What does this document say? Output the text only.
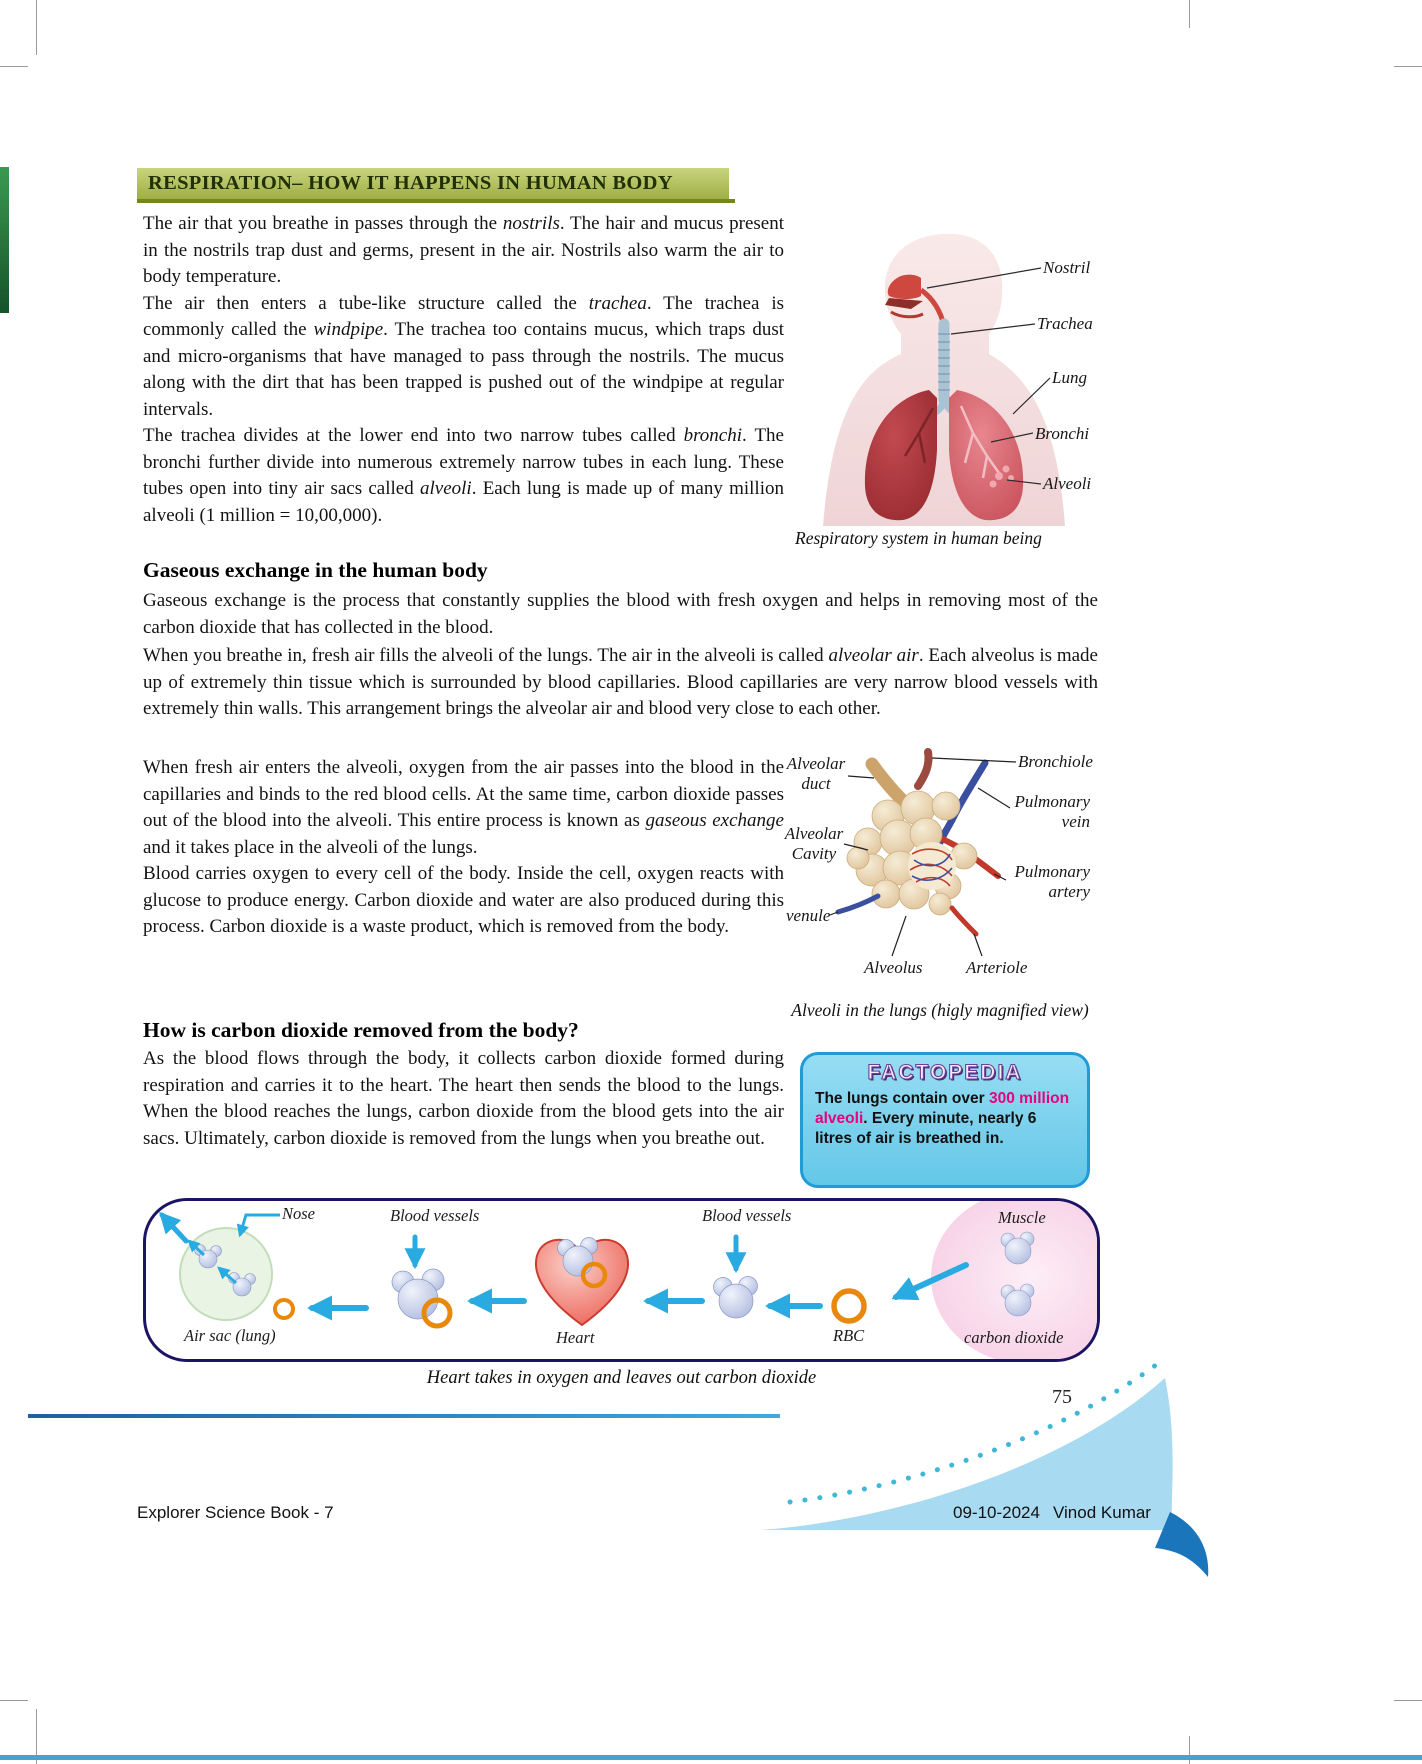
RESPIRATION– HOW IT HAPPENS IN HUMAN BODY

The air that you breathe in passes through the nostrils. The hair and mucus present in the nostrils trap dust and germs, present in the air. Nostrils also warm the air to body temperature.

The air then enters a tube-like structure called the trachea. The trachea is commonly called the windpipe. The trachea too contains mucus, which traps dust and micro-organisms that have managed to pass through the nostrils. The mucus along with the dirt that has been trapped is pushed out of the windpipe at regular intervals.

The trachea divides at the lower end into two narrow tubes called bronchi. The bronchi further divide into numerous extremely narrow tubes in each lung. These tubes open into tiny air sacs called alveoli. Each lung is made up of many million alveoli (1 million = 10,00,000).

Nostril
Trachea
Lung
Bronchi
Alveoli
Respiratory system in human being
Gaseous exchange in the human body

Gaseous exchange is the process that constantly supplies the blood with fresh oxygen and helps in removing most of the carbon dioxide that has collected in the blood.

When you breathe in, fresh air fills the alveoli of the lungs. The air in the alveoli is called alveolar air. Each alveolus is made up of extremely thin tissue which is surrounded by blood capillaries. Blood capillaries are very narrow blood vessels with extremely thin walls. This arrangement brings the alveolar air and blood very close to each other.

When fresh air enters the alveoli, oxygen from the air passes into the blood in the capillaries and binds to the red blood cells. At the same time, carbon dioxide passes out of the blood into the alveoli. This entire process is known as gaseous exchange and it takes place in the alveoli of the lungs.

Blood carries oxygen to every cell of the body. Inside the cell, oxygen reacts with glucose to produce energy. Carbon dioxide and water are also produced during this process. Carbon dioxide is a waste product, which is removed from the body.

Alveolar duct
Bronchiole
Pulmonary vein
Alveolar Cavity
Pulmonary artery
venule
Alveolus	Arteriole
Alveoli in the lungs (higly magnified view)
How is carbon dioxide removed from the body?

As the blood flows through the body, it collects carbon dioxide formed during respiration and carries it to the heart. The heart then sends the blood to the lungs. When the blood reaches the lungs, carbon dioxide from the blood gets into the air sacs. Ultimately, carbon dioxide is removed from the lungs when you breathe out.

FACTOPEDIA
The lungs contain over 300 million alveoli. Every minute, nearly 6 litres of air is breathed in.
Nose	Blood vessels	Blood vessels	Muscle
Air sac (lung)	Heart	RBC	carbon dioxide
Heart takes in oxygen and leaves out carbon dioxide
75
Explorer Science Book - 7	09-10-2024 Vinod Kumar
